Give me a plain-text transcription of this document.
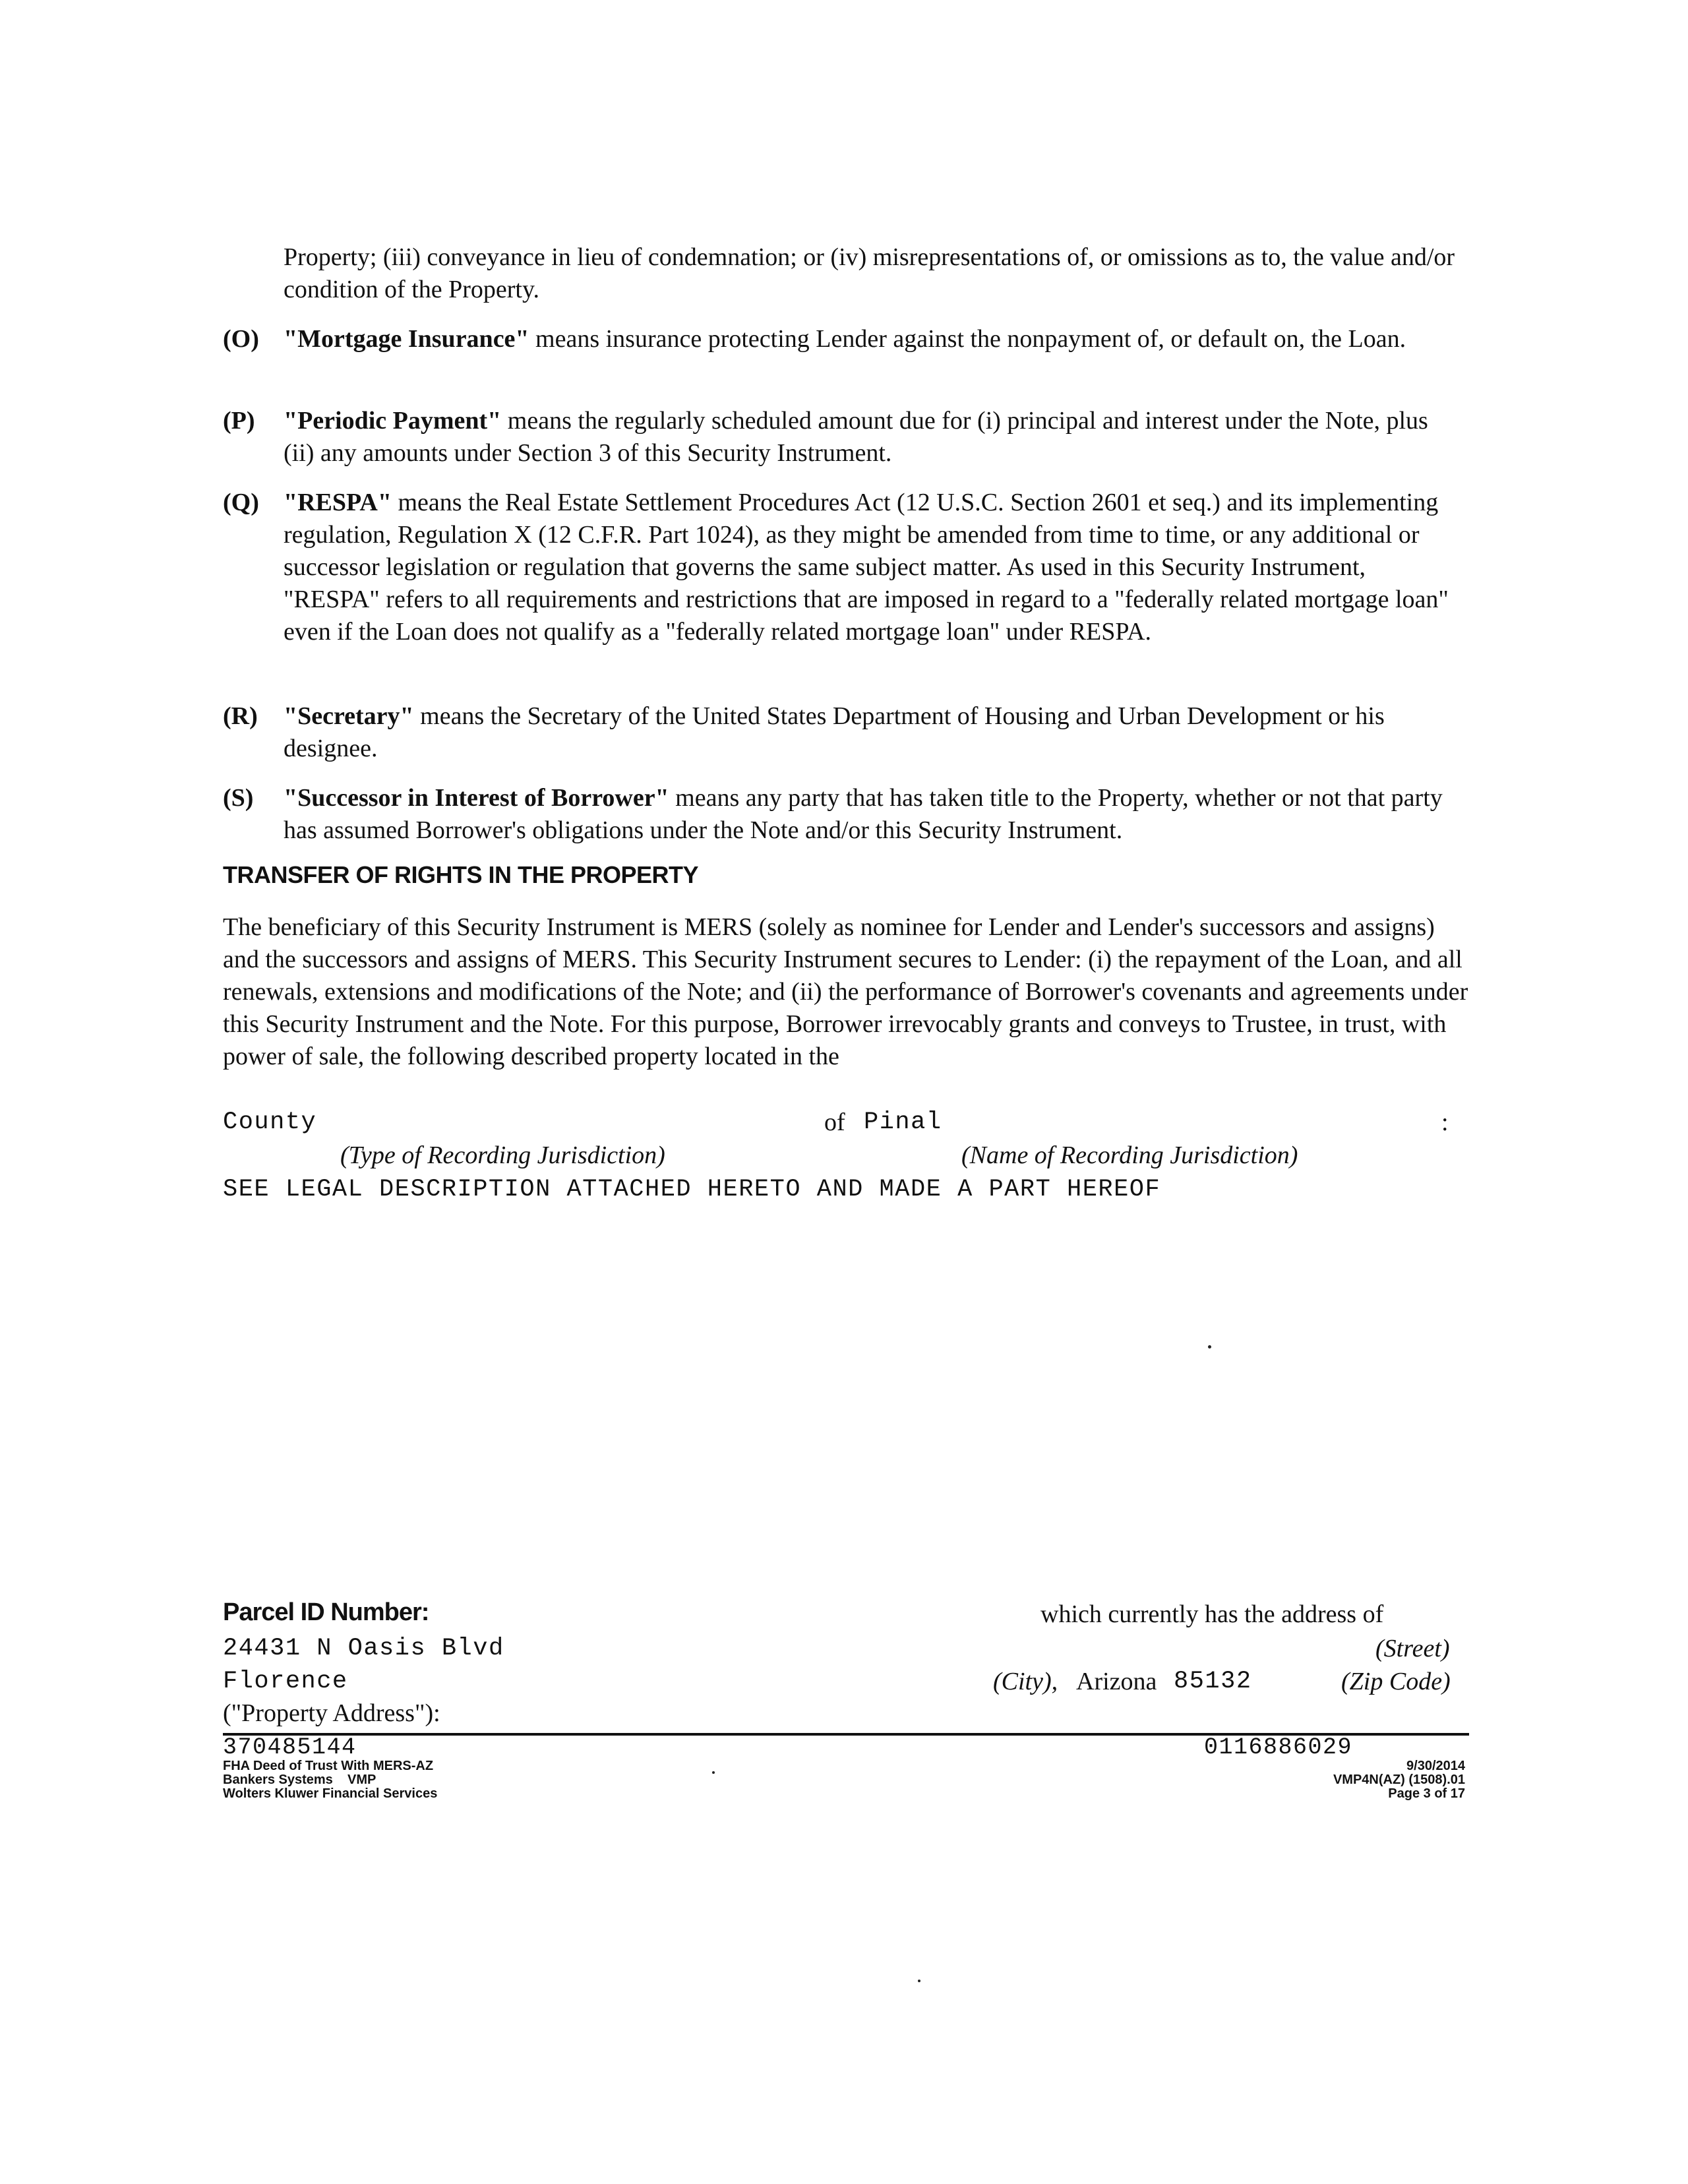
Property; (iii) conveyance in lieu of condemnation; or (iv) misrepresentations of, or omissions as to, the value and/or condition of the Property.

(O) "Mortgage Insurance" means insurance protecting Lender against the nonpayment of, or default on, the Loan.

(P) "Periodic Payment" means the regularly scheduled amount due for (i) principal and interest under the Note, plus (ii) any amounts under Section 3 of this Security Instrument.

(Q) "RESPA" means the Real Estate Settlement Procedures Act (12 U.S.C. Section 2601 et seq.) and its implementing regulation, Regulation X (12 C.F.R. Part 1024), as they might be amended from time to time, or any additional or successor legislation or regulation that governs the same subject matter. As used in this Security Instrument, "RESPA" refers to all requirements and restrictions that are imposed in regard to a "federally related mortgage loan" even if the Loan does not qualify as a "federally related mortgage loan" under RESPA.

(R) "Secretary" means the Secretary of the United States Department of Housing and Urban Development or his designee.

(S) "Successor in Interest of Borrower" means any party that has taken title to the Property, whether or not that party has assumed Borrower's obligations under the Note and/or this Security Instrument.

TRANSFER OF RIGHTS IN THE PROPERTY

The beneficiary of this Security Instrument is MERS (solely as nominee for Lender and Lender's successors and assigns) and the successors and assigns of MERS. This Security Instrument secures to Lender: (i) the repayment of the Loan, and all renewals, extensions and modifications of the Note; and (ii) the performance of Borrower's covenants and agreements under this Security Instrument and the Note. For this purpose, Borrower irrevocably grants and conveys to Trustee, in trust, with power of sale, the following described property located in the

County	of Pinal	:
(Type of Recording Jurisdiction)	(Name of Recording Jurisdiction)
SEE LEGAL DESCRIPTION ATTACHED HERETO AND MADE A PART HEREOF
Parcel ID Number:	which currently has the address of
24431 N Oasis Blvd	(Street)
Florence	(City), Arizona 85132	(Zip Code)
("Property Address"):
370485144
FHA Deed of Trust With MERS-AZ
Bankers Systems    VMP
Wolters Kluwer Financial Services
0116886029
9/30/2014
VMP4N(AZ) (1508).01
Page 3 of 17
